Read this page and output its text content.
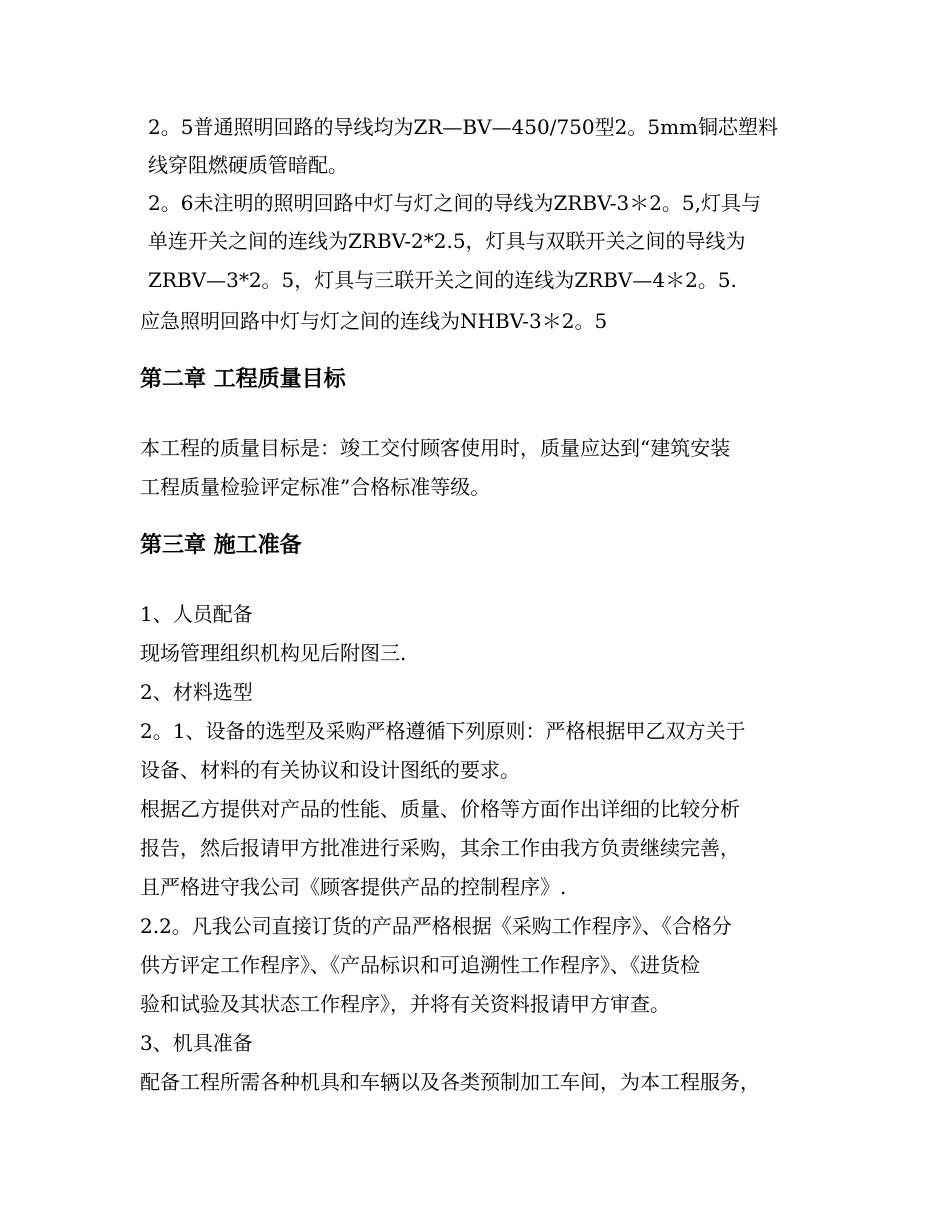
2。5普通照明回路的导线均为ZR—BV—450/750型2。5mm铜芯塑料
线穿阻燃硬质管暗配。
2。6未注明的照明回路中灯与灯之间的导线为ZRBV-3＊2。5,灯具与
单连开关之间的连线为ZRBV-2*2.5，灯具与双联开关之间的导线为
ZRBV—3*2。5，灯具与三联开关之间的连线为ZRBV—4＊2。5.
应急照明回路中灯与灯之间的连线为NHBV-3＊2。5
第二章 工程质量目标
本工程的质量目标是：竣工交付顾客使用时，质量应达到“建筑安装
工程质量检验评定标准”合格标准等级。
第三章 施工准备
1、人员配备
现场管理组织机构见后附图三.
2、材料选型
2。1、设备的选型及采购严格遵循下列原则：严格根据甲乙双方关于
设备、材料的有关协议和设计图纸的要求。
根据乙方提供对产品的性能、质量、价格等方面作出详细的比较分析
报告，然后报请甲方批准进行采购，其余工作由我方负责继续完善，
且严格进守我公司《顾客提供产品的控制程序》.
2.2。凡我公司直接订货的产品严格根据《采购工作程序》、《合格分
供方评定工作程序》、《产品标识和可追溯性工作程序》、《进货检
验和试验及其状态工作程序》，并将有关资料报请甲方审查。
3、机具准备
配备工程所需各种机具和车辆以及各类预制加工车间，为本工程服务，
